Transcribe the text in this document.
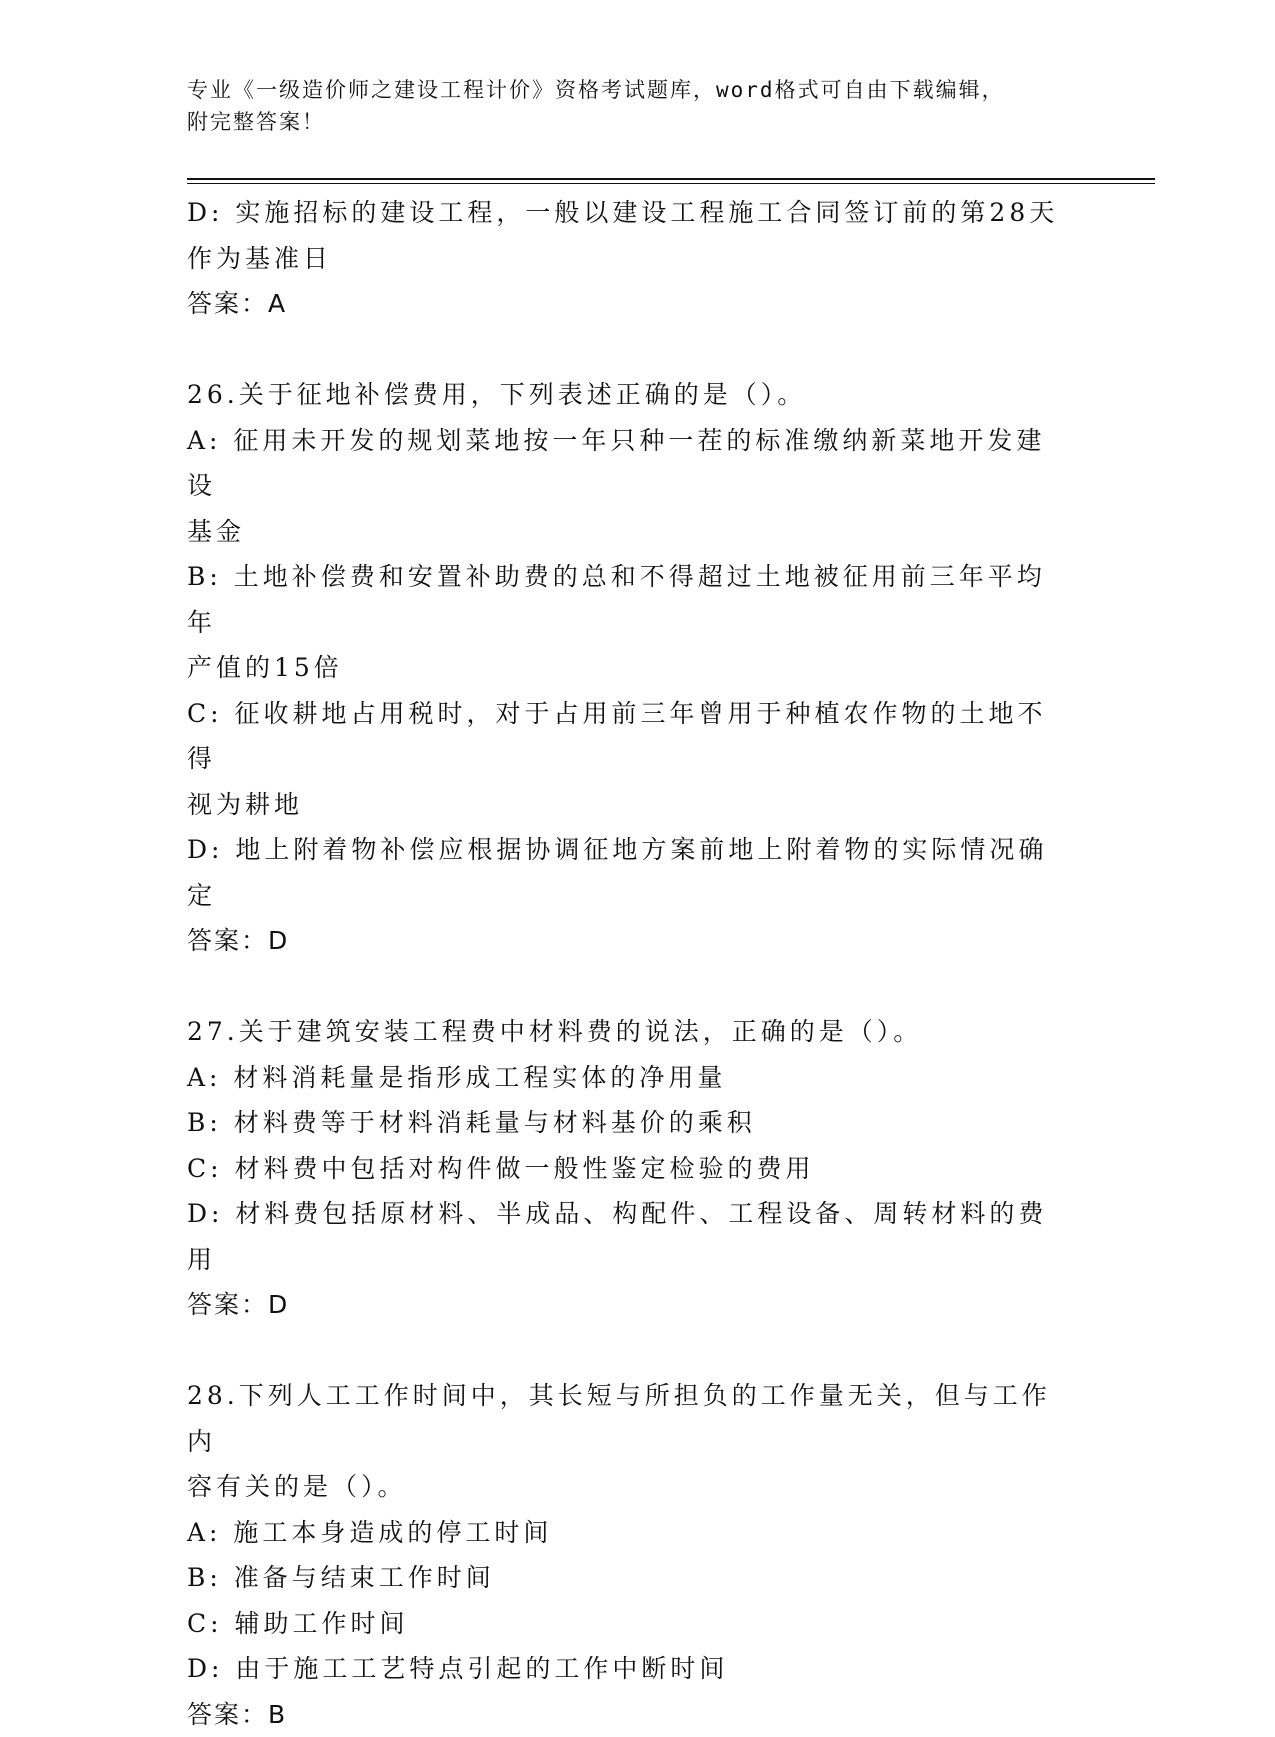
专业《一级造价师之建设工程计价》资格考试题库，word格式可自由下载编辑，
附完整答案！
D: 实施招标的建设工程，一般以建设工程施工合同签订前的第28天
作为基准日
答案：A
26.关于征地补偿费用，下列表述正确的是（）。
A: 征用未开发的规划菜地按一年只种一茬的标准缴纳新菜地开发建设
基金
B: 土地补偿费和安置补助费的总和不得超过土地被征用前三年平均年
产值的15倍
C: 征收耕地占用税时，对于占用前三年曾用于种植农作物的土地不得
视为耕地
D: 地上附着物补偿应根据协调征地方案前地上附着物的实际情况确定
答案：D
27.关于建筑安装工程费中材料费的说法，正确的是（）。
A: 材料消耗量是指形成工程实体的净用量
B: 材料费等于材料消耗量与材料基价的乘积
C: 材料费中包括对构件做一般性鉴定检验的费用
D: 材料费包括原材料、半成品、构配件、工程设备、周转材料的费用
答案：D
28.下列人工工作时间中，其长短与所担负的工作量无关，但与工作内
容有关的是（）。
A: 施工本身造成的停工时间
B: 准备与结束工作时间
C: 辅助工作时间
D: 由于施工工艺特点引起的工作中断时间
答案：B
